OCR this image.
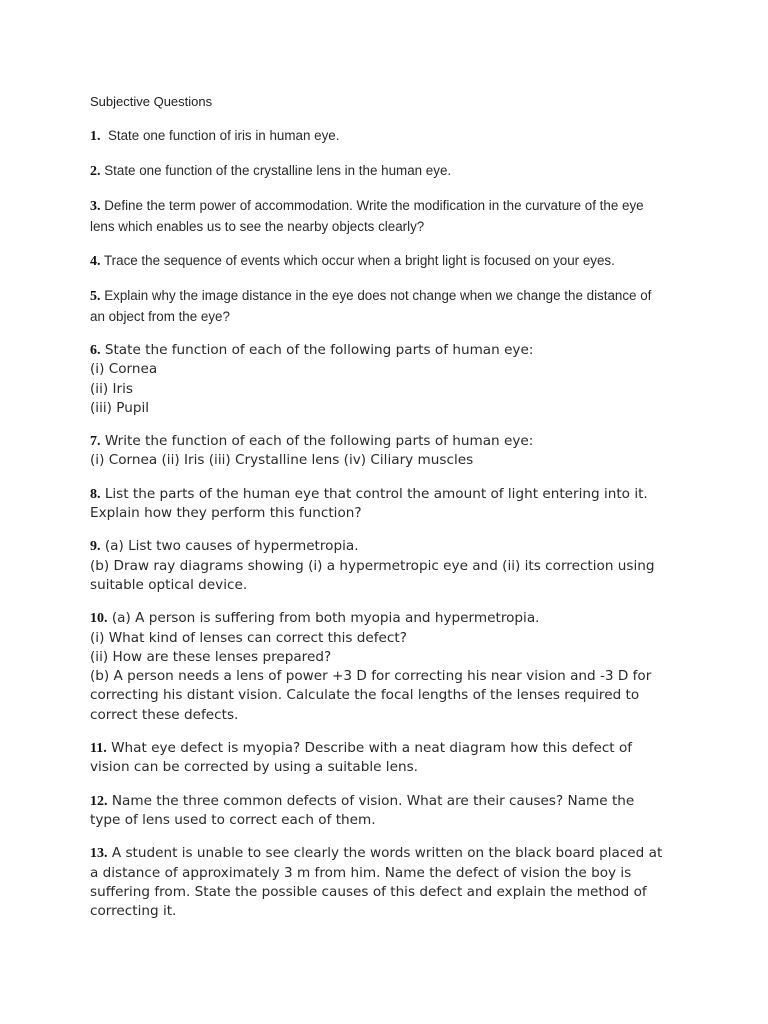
Subjective Questions
1. State one function of iris in human eye.
2. State one function of the crystalline lens in the human eye.
3. Define the term power of accommodation. Write the modification in the curvature of the eye
lens which enables us to see the nearby objects clearly?
4. Trace the sequence of events which occur when a bright light is focused on your eyes.
5. Explain why the image distance in the eye does not change when we change the distance of
an object from the eye?
6. State the function of each of the following parts of human eye:
(i) Cornea
(ii) Iris
(iii) Pupil
7. Write the function of each of the following parts of human eye:
(i) Cornea (ii) Iris (iii) Crystalline lens (iv) Ciliary muscles
8. List the parts of the human eye that control the amount of light entering into it.
Explain how they perform this function?
9. (a) List two causes of hypermetropia.
(b) Draw ray diagrams showing (i) a hypermetropic eye and (ii) its correction using
suitable optical device.
10. (a) A person is suffering from both myopia and hypermetropia.
(i) What kind of lenses can correct this defect?
(ii) How are these lenses prepared?
(b) A person needs a lens of power +3 D for correcting his near vision and -3 D for
correcting his distant vision. Calculate the focal lengths of the lenses required to
correct these defects.
11. What eye defect is myopia? Describe with a neat diagram how this defect of
vision can be corrected by using a suitable lens.
12. Name the three common defects of vision. What are their causes? Name the
type of lens used to correct each of them.
13. A student is unable to see clearly the words written on the black board placed at
a distance of approximately 3 m from him. Name the defect of vision the boy is
suffering from. State the possible causes of this defect and explain the method of
correcting it.
